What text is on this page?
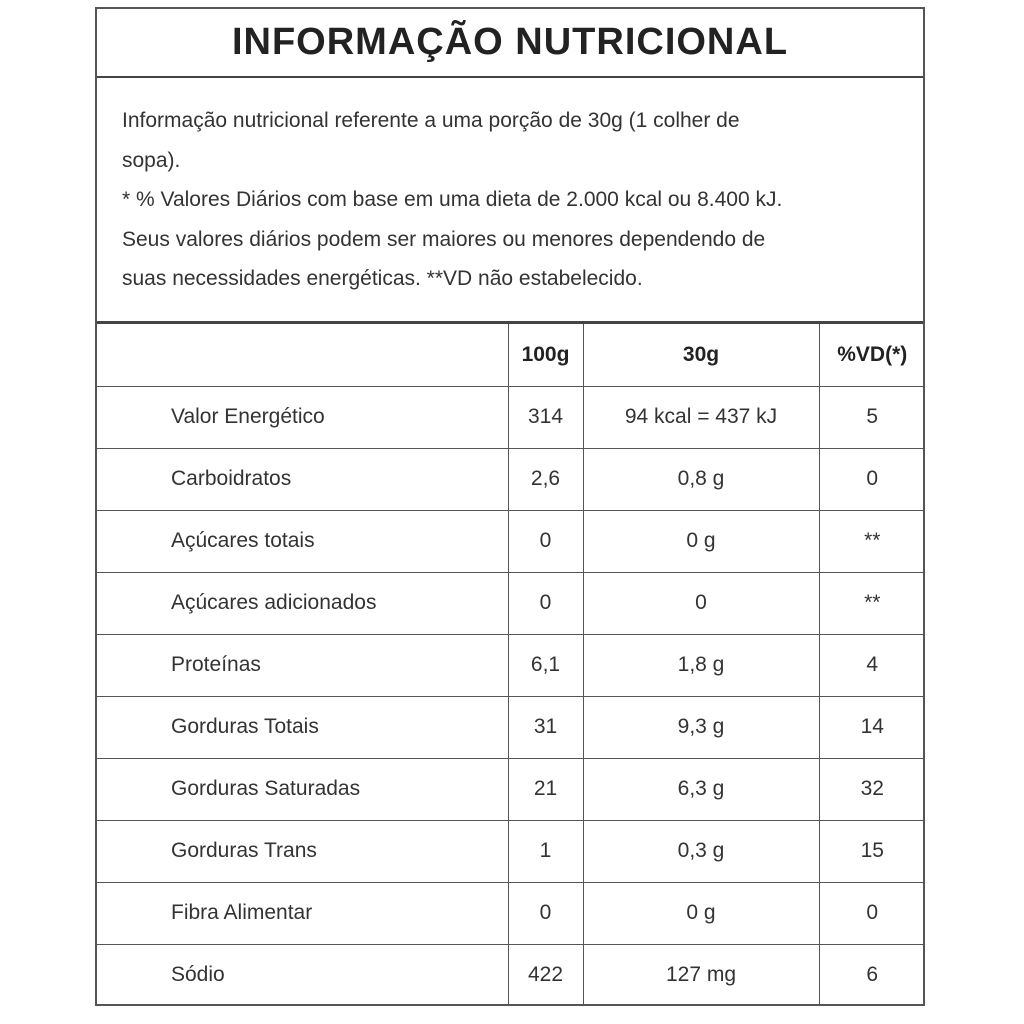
INFORMAÇÃO NUTRICIONAL
Informação nutricional referente a uma porção de 30g (1 colher de
sopa).
* % Valores Diários com base em uma dieta de 2.000 kcal ou 8.400 kJ.
Seus valores diários podem ser maiores ou menores dependendo de
suas necessidades energéticas. **VD não estabelecido.
	100g	30g	%VD(*)
Valor Energético	314	94 kcal = 437 kJ	5
Carboidratos	2,6	0,8 g	0
Açúcares totais	0	0 g	**
Açúcares adicionados	0	0	**
Proteínas	6,1	1,8 g	4
Gorduras Totais	31	9,3 g	14
Gorduras Saturadas	21	6,3 g	32
Gorduras Trans	1	0,3 g	15
Fibra Alimentar	0	0 g	0
Sódio	422	127 mg	6
